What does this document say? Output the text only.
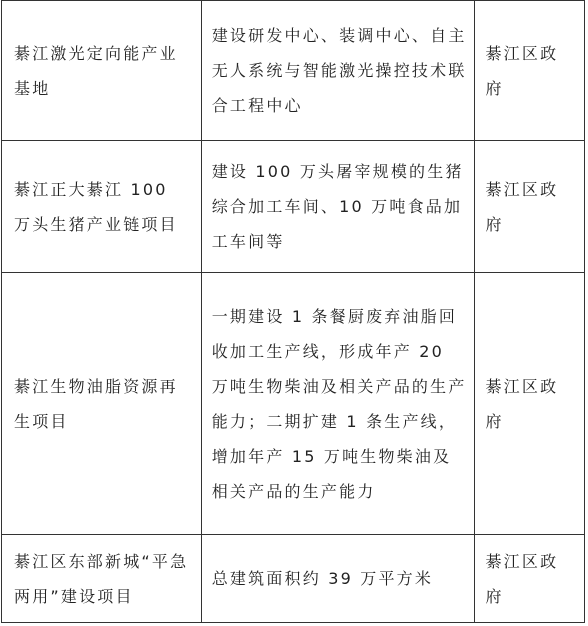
綦江激光定向能产业基地	建设研发中心、装调中心、自主无人系统与智能激光操控技术联合工程中心	綦江区政府
綦江正大綦江 100 万头生猪产业链项目	建设 100 万头屠宰规模的生猪综合加工车间、10 万吨食品加工车间等	綦江区政府
綦江生物油脂资源再生项目	一期建设 1 条餐厨废弃油脂回收加工生产线，形成年产 20 万吨生物柴油及相关产品的生产能力；二期扩建 1 条生产线，增加年产 15 万吨生物柴油及相关产品的生产能力	綦江区政府
綦江区东部新城“平急两用”建设项目	总建筑面积约 39 万平方米	綦江区政府
